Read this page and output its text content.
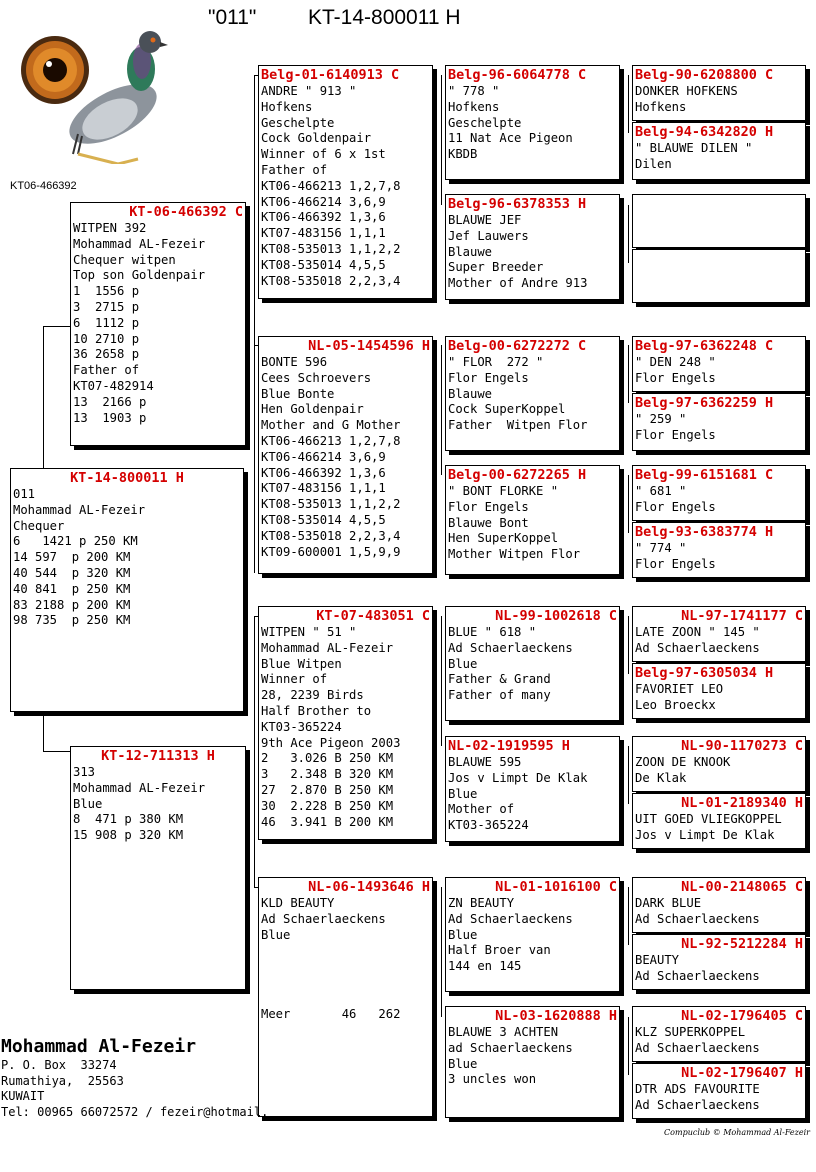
"011" KT-14-800011 H
KT06-466392
KT-14-800011 H
011
Mohammad AL-Fezeir
Chequer
6   1421 p 250 KM
14 597  p 200 KM
40 544  p 320 KM
40 841  p 250 KM
83 2188 p 200 KM
98 735  p 250 KM
KT-06-466392 C
WITPEN 392
Mohammad AL-Fezeir
Chequer witpen
Top son Goldenpair
1  1556 p
3  2715 p
6  1112 p
10 2710 p
36 2658 p
Father of
KT07-482914
13  2166 p
13  1903 p
KT-12-711313 H
313
Mohammad AL-Fezeir
Blue
8  471 p 380 KM
15 908 p 320 KM
Belg-01-6140913 C
ANDRE " 913 "
Hofkens
Geschelpte
Cock Goldenpair
Winner of 6 x 1st
Father of
KT06-466213 1,2,7,8
KT06-466214 3,6,9
KT06-466392 1,3,6
KT07-483156 1,1,1
KT08-535013 1,1,2,2
KT08-535014 4,5,5
KT08-535018 2,2,3,4
NL-05-1454596 H
BONTE 596
Cees Schroevers
Blue Bonte
Hen Goldenpair
Mother and G Mother
KT06-466213 1,2,7,8
KT06-466214 3,6,9
KT06-466392 1,3,6
KT07-483156 1,1,1
KT08-535013 1,1,2,2
KT08-535014 4,5,5
KT08-535018 2,2,3,4
KT09-600001 1,5,9,9
KT-07-483051 C
WITPEN " 51 "
Mohammad AL-Fezeir
Blue Witpen
Winner of
28, 2239 Birds
Half Brother to
KT03-365224
9th Ace Pigeon 2003
2   3.026 B 250 KM
3   2.348 B 320 KM
27  2.870 B 250 KM
30  2.228 B 250 KM
46  3.941 B 200 KM
NL-06-1493646 H
KLD BEAUTY
Ad Schaerlaeckens
Blue
Meer       46   262
Belg-96-6064778 C
" 778 "
Hofkens
Geschelpte
11 Nat Ace Pigeon
KBDB
Belg-96-6378353 H
BLAUWE JEF
Jef Lauwers
Blauwe
Super Breeder
Mother of Andre 913
Belg-00-6272272 C
" FLOR  272 "
Flor Engels
Blauwe
Cock SuperKoppel
Father  Witpen Flor
Belg-00-6272265 H
" BONT FLORKE "
Flor Engels
Blauwe Bont
Hen SuperKoppel
Mother Witpen Flor
NL-99-1002618 C
BLUE " 618 "
Ad Schaerlaeckens
Blue
Father & Grand
Father of many
NL-02-1919595 H
BLAUWE 595
Jos v Limpt De Klak
Blue
Mother of
KT03-365224
NL-01-1016100 C
ZN BEAUTY
Ad Schaerlaeckens
Blue
Half Broer van
144 en 145
NL-03-1620888 H
BLAUWE 3 ACHTEN
ad Schaerlaeckens
Blue
3 uncles won
Belg-90-6208800 C
DONKER HOFKENS
Hofkens
Belg-94-6342820 H
" BLAUWE DILEN "
Dilen
Belg-97-6362248 C
" DEN 248 "
Flor Engels
Belg-97-6362259 H
" 259 "
Flor Engels
Belg-99-6151681 C
" 681 "
Flor Engels
Belg-93-6383774 H
" 774 "
Flor Engels
NL-97-1741177 C
LATE ZOON " 145 "
Ad Schaerlaeckens
Belg-97-6305034 H
FAVORIET LEO
Leo Broeckx
NL-90-1170273 C
ZOON DE KNOOK
De Klak
NL-01-2189340 H
UIT GOED VLIEGKOPPEL
Jos v Limpt De Klak
NL-00-2148065 C
DARK BLUE
Ad Schaerlaeckens
NL-92-5212284 H
BEAUTY
Ad Schaerlaeckens
NL-02-1796405 C
KLZ SUPERKOPPEL
Ad Schaerlaeckens
NL-02-1796407 H
DTR ADS FAVOURITE
Ad Schaerlaeckens
Mohammad Al-Fezeir
P. O. Box  33274
Rumathiya,  25563
KUWAIT
Tel: 00965 66072572 / fezeir@hotmail.
Compuclub © Mohammad Al-Fezeir
